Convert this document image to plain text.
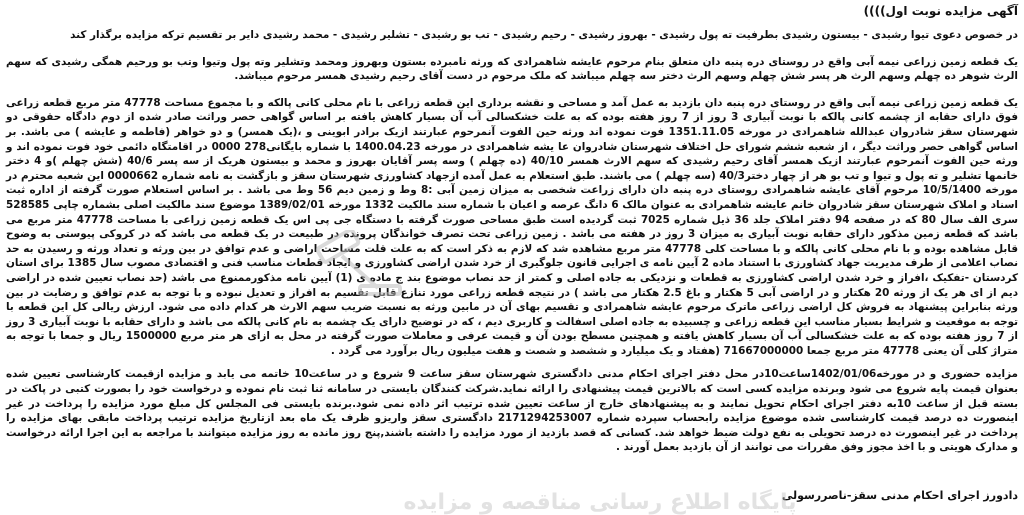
آگهی مزایده نوبت اول))))

در خصوص دعوی تیوا رشیدی - بیستون رشیدی بطرفیت ته پول رشیدی - بهروز رشیدی - رحیم رشیدی - تب بو رشیدی - تشلیر رشیدی - محمد رشیدی دایر بر تقسیم ترکه مزایده برگذار کند

یک قطعه زمین زراعی نیمه آبی واقع در روستای دره پنبه دان متعلق بنام مرحوم عایشه شاهمرادی که ورثه نامبرده بستون وبهروز ومحمد وتشلیر وته پول وتیوا وتب بو ورحیم همگی رشیدی که سهم الرث شوهر ده چهلم وسهم الرث هر پسر شش چهلم وسهم الرث دختر سه چهلم میباشد که ملک مرحوم در دست آقای رحیم رشیدی همسر مرحوم میباشد.

یک قطعه زمین زراعی نیمه آبی واقع در روستای دره پنبه دان بازدید به عمل آمد و مساحی و نقشه برداری این قطعه زراعی با نام محلی کانی پالکه و با مجموع مساحت 47778 متر مربع قطعه زراعی فوق دارای حقابه از چشمه کانی پالکه با نوبت آبیاری 3 روز از 7 روز هفته بوده که به علت خشکسالی آب آن بسیار کاهش یافته بر اساس گواهی حصر وراثت صادر شده از دوم دادگاه حقوقی دو شهرستان سقز شادروان عبدالله شاهمرادی در مورخه 1351.11.05 فوت نموده اند ورثه حین الفوت آنمرحوم عبارتند ازیک برادر ابوینی و ،(یک همسر) و دو خواهر (فاطمه و عایشه ) می باشد. بر اساس گواهی حصر وراثت دیگر ، از شعبه ششم شورای حل اختلاف شهرستان شادروان عا یشه شاهمرادی در مورخه 1400.04.23 با شماره بایگانی278 0000 در اقامتگاه دائمی خود فوت نموده اند و ورثه حین الفوت آنمرحوم عبارتند ازیک همسر آقای رحیم رشیدی که سهم الارث همسر 40/10 (ده چهلم ) وسه پسر آقایان بهروز و محمد و بیستون هریک از سه پسر 40/6 (شش چهلم )و 4 دختر خانمها تشلیر و ته پول و تیوا و تب بو هر از چهار دختر40/3 (سه چهلم ) می باشند. طبق استعلام به عمل آمده ازجهاد کشاورزی شهرستان سقز و بازگشت به نامه شماره 0000662 این شعبه محترم در مورخه 10/5/1400 مرحوم آقای عایشه شاهمرادی روستای دره پنبه دان دارای زراعت شخصی به میزان زمین آبی :8 وط و زمین دیم 56 وط می باشد . بر اساس استعلام صورت گرفته از اداره ثبت اسناد و املاک شهرستان سقز شادروان خانم عایشه شاهمرادی به عنوان مالک 6 دانگ عرصه و اعیان با شماره سند مالکیت 1332 مورخه 1389/02/01 موضوع سند مالکیت اصلی بشماره چاپی 528585 سری الف سال 80 که در صفحه 94 دفتر املاک جلد 36 ذیل شماره 7025 ثبت گردیده است طبق مساحی صورت گرفته با دستگاه جی پی اس یک قطعه زمین زراعی با مساحت 47778 متر مربع می باشد که قطعه زمین مذکور دارای حقابه نوبت آبیاری به میزان 3 روز در هفته می باشد . زمین زراعی تحت تصرف خوانذگان پرونده در طبیعت در یک قطعه می باشد که در کروکی پیوستی به وضوح قابل مشاهده بوده و با نام محلی کانی پالکه و با مساحت کلی 47778 متر مربع مشاهده شد که لازم به ذکر است که به علت قلت مساحت اراضی و عدم توافق در بین ورثه و تعداد ورثه و رسیدن به حد نصاب اعلامی از طرف مدیریت جهاد کشاورزی با استناد ماده 2 آیین نامه ی اجرایی قانون جلوگیری از خرد شدن اراضی کشاورزی و ایجاد قطعات مناسب فنی و اقتصادی مصوب سال 1385 برای استان کردستان -تفکیک ،افراز و خرد شدن اراضی کشاورزی به قطعات و نزدیکی به جاده اصلی و کمتر از حد نصاب موضوع بند ج ماده ی (1) آیین نامه مذکورممنوع می باشد (حد نصاب تعیین شده در اراضی دیم از ای هر یک از ورثه 20 هکتار و در اراضی آبی 5 هکتار و باغ 2.5 هکتار می باشد ) در نتیجه قطعه زراعی مورد تنازع قابل تقسیم به افراز و تعدیل نبوده و با توجه به عدم توافق و رضایت در بین ورثه بنابراین پیشنهاد به فروش کل اراضی زراعی ماترک مرحوم عایشه شاهمرادی و تقسیم بهای آن در مابین ورثه به نسبت ضریب سهم الارث هر کدام داده می شود. ارزش ریالی کل این قطعه با توجه به موقعیت و شرایط بسیار مناسب این قطعه زراعی و چسبیده به جاده اصلی اسفالت و کاربری دیم ، که در توضیح دارای یک چشمه به نام کانی پالکه می باشد و دارای حقابه با نوبت آبیاری 3 روز از 7 روز هفته بوده که به علت خشکسالی آب آن بسیار کاهش یافته و همچنین مسطح بودن آن و قیمت عرفی و معاملات صورت گرفته در محل به ازای هر متر مربع 1500000 ریال و جمعا با توجه به متراژ کلی آن یعنی 47778 متر مربع جمعا 71667000000 (هفتاد و یک میلیارد و ششصد و شصت و هفت میلیون ریال برآورد می گردد .

مزایده حضوری و در مورخه1402/01/06ساعت10در محل دفتر اجرای احکام مدنی دادگستری شهرستان سقز ساعت 9 شروع و در ساعت10 خاتمه می یابد و مزایده ازقیمت کارشناسی تعیین شده بعنوان قیمت پایه شروع می شود وبرنده مزایده کسی است که بالاترین قیمت پیشنهادی را ارائه نماید.شرکت کنندگان بایستی در سامانه ثنا ثبت نام نموده و درخواست خود را بصورت کتبی در پاکت در بسته قبل از ساعت 10به دفتر اجرای احکام تحویل نمایند و به پیشنهادهای خارج از ساعت تعیین شده ترتیب اثر داده نمی شود.برنده بایستی فی المجلس کل مبلغ مورد مزایده را پرداخت در غیر اینصورت ده درصد قیمت کارشناسی شده موضوع مزایده رابحساب سپرده شماره 2171294253007 دادگستری سقز واریزو ظرف یک ماه بعد ازتاریخ مزایده ترتیب پرداخت مابقی بهای مزایده را پرداخت در غیر اینصورت ده درصد تحویلی به نفع دولت ضبط خواهد شد. کسانی که قصد بازدید از مورد مزایده را داشته باشند,پنج روز مانده به روز مزایده میتوانند با مراجعه به این اجرا ارائه درخواست و مدارک هویتی و با اخذ مجوز وفق مقررات می توانند از آن بازدید بعمل آورند .

دادورز اجرای احکام مدنی سقز-ناصررسولی
پایگاه اطلاع رسانی مناقصه و مزایده
